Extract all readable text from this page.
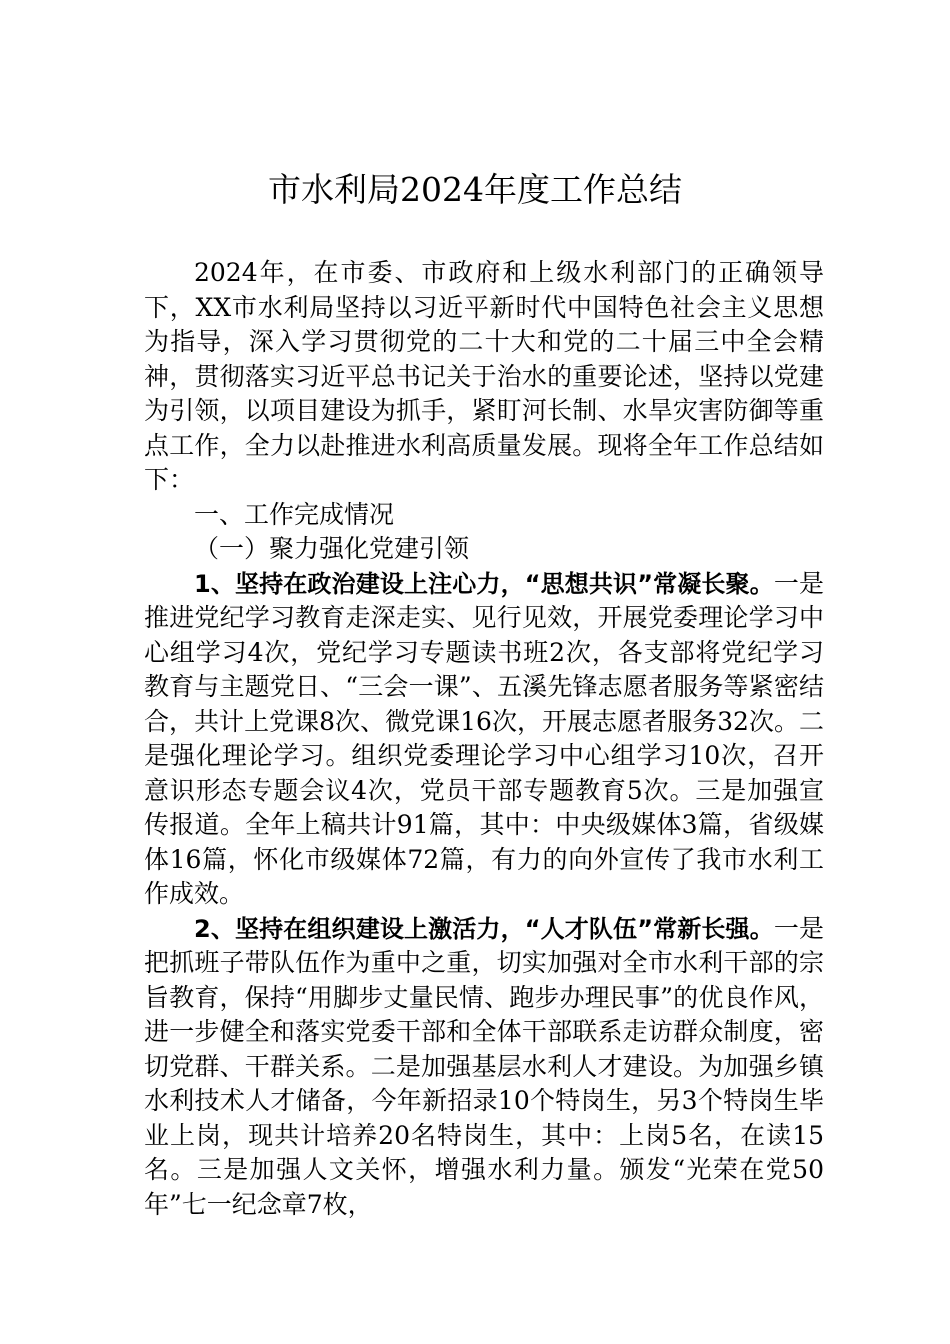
市水利局2024年度工作总结

2024年，在市委、市政府和上级水利部门的正确领导下，XX市水利局坚持以习近平新时代中国特色社会主义思想为指导，深入学习贯彻党的二十大和党的二十届三中全会精神，贯彻落实习近平总书记关于治水的重要论述，坚持以党建为引领，以项目建设为抓手，紧盯河长制、水旱灾害防御等重点工作，全力以赴推进水利高质量发展。现将全年工作总结如下：

一、工作完成情况

（一）聚力强化党建引领

1、坚持在政治建设上注心力，“思想共识”常凝长聚。一是推进党纪学习教育走深走实、见行见效，开展党委理论学习中心组学习4次，党纪学习专题读书班2次，各支部将党纪学习教育与主题党日、“三会一课”、五溪先锋志愿者服务等紧密结合，共计上党课8次、微党课16次，开展志愿者服务32次。二是强化理论学习。组织党委理论学习中心组学习10次，召开意识形态专题会议4次，党员干部专题教育5次。三是加强宣传报道。全年上稿共计91篇，其中：中央级媒体3篇，省级媒体16篇，怀化市级媒体72篇，有力的向外宣传了我市水利工作成效。

2、坚持在组织建设上激活力，“人才队伍”常新长强。一是把抓班子带队伍作为重中之重，切实加强对全市水利干部的宗旨教育，保持“用脚步丈量民情、跑步办理民事”的优良作风，进一步健全和落实党委干部和全体干部联系走访群众制度，密切党群、干群关系。二是加强基层水利人才建设。为加强乡镇水利技术人才储备，今年新招录10个特岗生，另3个特岗生毕业上岗，现共计培养20名特岗生，其中：上岗5名，在读15名。三是加强人文关怀，增强水利力量。颁发“光荣在党50年”七一纪念章7枚，
